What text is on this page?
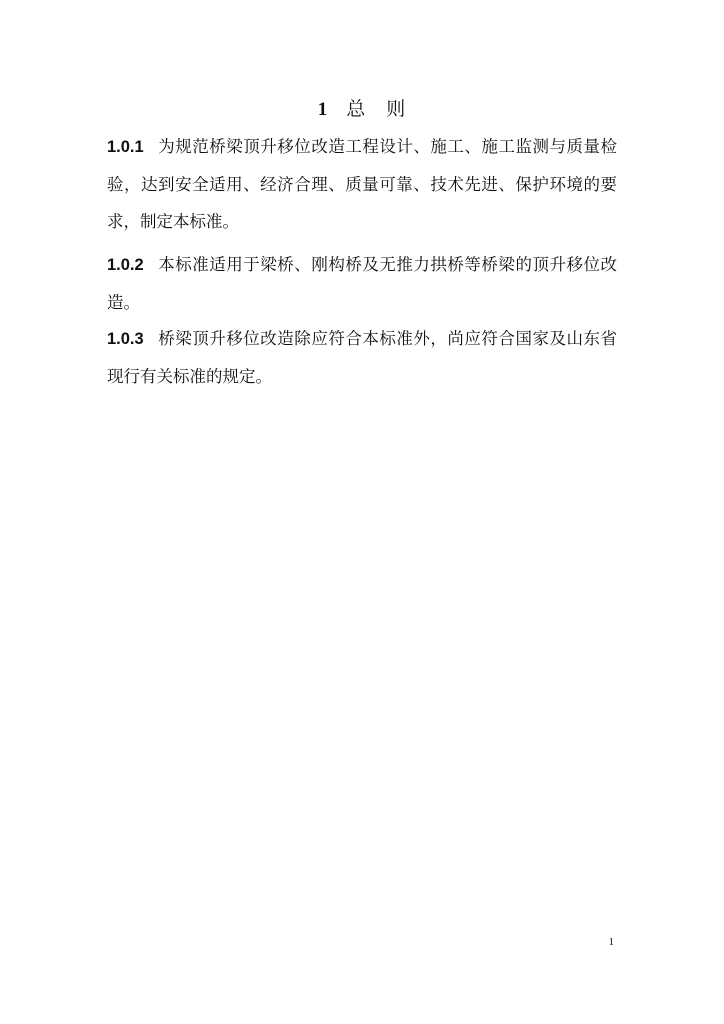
1 总　则
1.0.1 为规范桥梁顶升移位改造工程设计、施工、施工监测与质量检验，达到安全适用、经济合理、质量可靠、技术先进、保护环境的要求，制定本标准。
1.0.2 本标准适用于梁桥、刚构桥及无推力拱桥等桥梁的顶升移位改造。
1.0.3 桥梁顶升移位改造除应符合本标准外，尚应符合国家及山东省现行有关标准的规定。
1
